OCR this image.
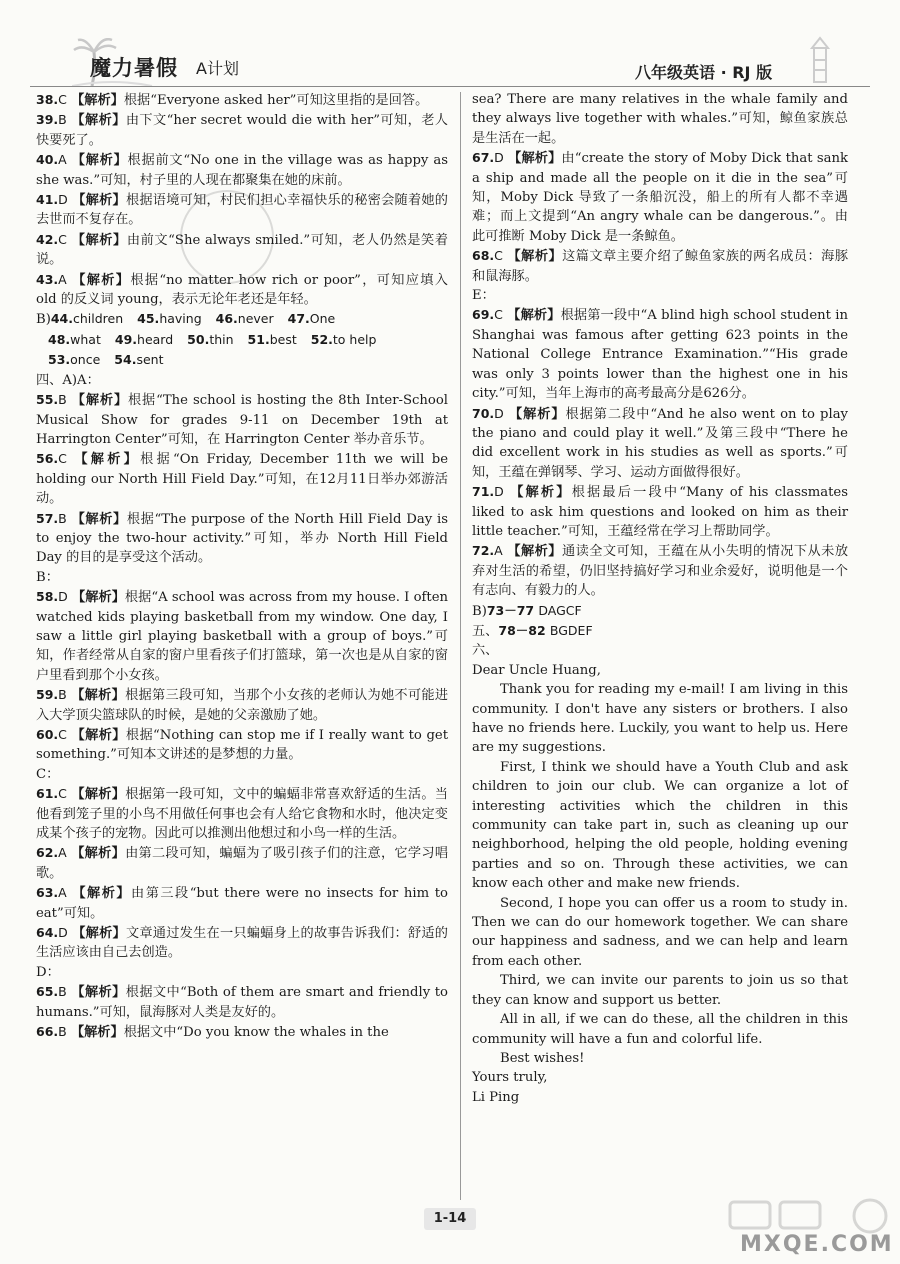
魔力暑假 A计划	八年级英语 · RJ 版

38.C 【解析】根据“Everyone asked her”可知这里指的是回答。

39.B 【解析】由下文“her secret would die with her”可知，老人快要死了。

40.A 【解析】根据前文“No one in the village was as happy as she was.”可知，村子里的人现在都聚集在她的床前。

41.D 【解析】根据语境可知，村民们担心幸福快乐的秘密会随着她的去世而不复存在。

42.C 【解析】由前文“She always smiled.”可知，老人仍然是笑着说。

43.A 【解析】根据“no matter how rich or poor”，可知应填入 old 的反义词 young，表示无论年老还是年轻。

B)44.children 45.having 46.never 47.One
48.what 49.heard 50.thin 51.best 52.to help
53.once 54.sent

四、A)A：

55.B 【解析】根据“The school is hosting the 8th Inter-School Musical Show for grades 9-11 on December 19th at Harrington Center”可知，在 Harrington Center 举办音乐节。

56.C 【解析】根据“On Friday, December 11th we will be holding our North Hill Field Day.”可知，在12月11日举办郊游活动。

57.B 【解析】根据“The purpose of the North Hill Field Day is to enjoy the two-hour activity.”可知，举办 North Hill Field Day 的目的是享受这个活动。

B：

58.D 【解析】根据“A school was across from my house. I often watched kids playing basketball from my window. One day, I saw a little girl playing basketball with a group of boys.”可知，作者经常从自家的窗户里看孩子们打篮球，第一次也是从自家的窗户里看到那个小女孩。

59.B 【解析】根据第三段可知，当那个小女孩的老师认为她不可能进入大学顶尖篮球队的时候，是她的父亲激励了她。

60.C 【解析】根据“Nothing can stop me if I really want to get something.”可知本文讲述的是梦想的力量。

C：

61.C 【解析】根据第一段可知，文中的蝙蝠非常喜欢舒适的生活。当他看到笼子里的小鸟不用做任何事也会有人给它食物和水时，他决定变成某个孩子的宠物。因此可以推测出他想过和小鸟一样的生活。

62.A 【解析】由第二段可知，蝙蝠为了吸引孩子们的注意，它学习唱歌。

63.A 【解析】由第三段“but there were no insects for him to eat”可知。

64.D 【解析】文章通过发生在一只蝙蝠身上的故事告诉我们：舒适的生活应该由自己去创造。

D：

65.B 【解析】根据文中“Both of them are smart and friendly to humans.”可知，鼠海豚对人类是友好的。

66.B 【解析】根据文中“Do you know the whales in the

sea? There are many relatives in the whale family and they always live together with whales.”可知，鲸鱼家族总是生活在一起。

67.D 【解析】由“create the story of Moby Dick that sank a ship and made all the people on it die in the sea”可知，Moby Dick 导致了一条船沉没，船上的所有人都不幸遇难；而上文提到“An angry whale can be dangerous.”。由此可推断 Moby Dick 是一条鲸鱼。

68.C 【解析】这篇文章主要介绍了鲸鱼家族的两名成员：海豚和鼠海豚。

E：

69.C 【解析】根据第一段中“A blind high school student in Shanghai was famous after getting 623 points in the National College Entrance Examination.”“His grade was only 3 points lower than the highest one in his city.”可知，当年上海市的高考最高分是626分。

70.D 【解析】根据第二段中“And he also went on to play the piano and could play it well.”及第三段中“There he did excellent work in his studies as well as sports.”可知，王蕴在弹钢琴、学习、运动方面做得很好。

71.D 【解析】根据最后一段中“Many of his classmates liked to ask him questions and looked on him as their little teacher.”可知，王蕴经常在学习上帮助同学。

72.A 【解析】通读全文可知，王蕴在从小失明的情况下从未放弃对生活的希望，仍旧坚持搞好学习和业余爱好，说明他是一个有志向、有毅力的人。

B)73－77 DAGCF

五、78－82 BGDEF

六、

Dear Uncle Huang,

Thank you for reading my e-mail! I am living in this community. I don't have any sisters or brothers. I also have no friends here. Luckily, you want to help us. Here are my suggestions.

First, I think we should have a Youth Club and ask children to join our club. We can organize a lot of interesting activities which the children in this community can take part in, such as cleaning up our neighborhood, helping the old people, holding evening parties and so on. Through these activities, we can know each other and make new friends.

Second, I hope you can offer us a room to study in. Then we can do our homework together. We can share our happiness and sadness, and we can help and learn from each other.

Third, we can invite our parents to join us so that they can know and support us better.

All in all, if we can do these, all the children in this community will have a fun and colorful life.

Best wishes!

Yours truly,

Li Ping

1-14
MXQE.COM
